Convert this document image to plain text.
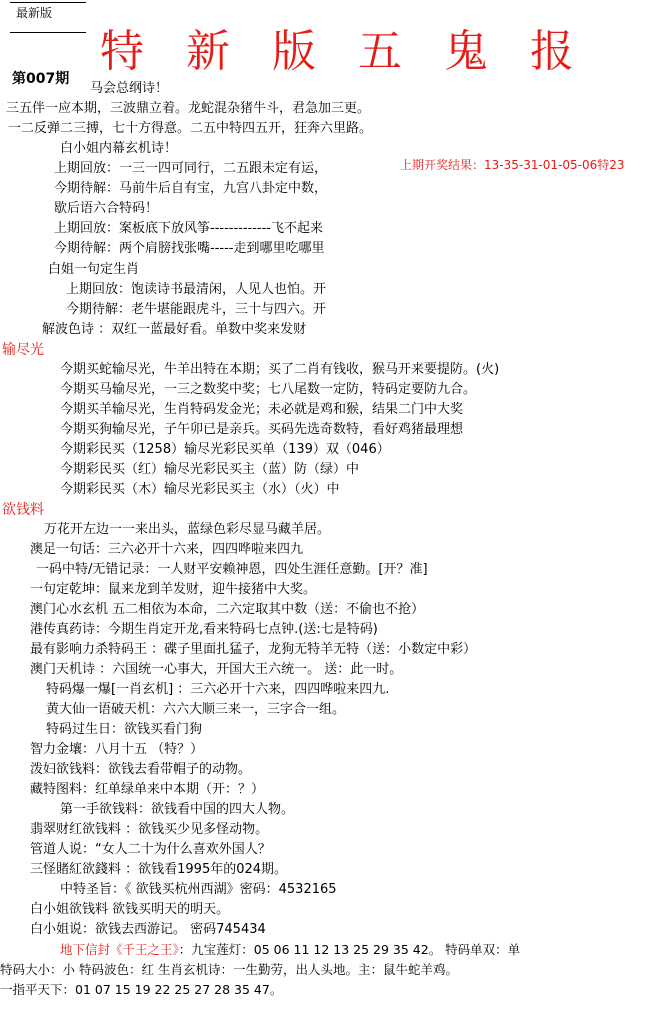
最新版
特 新 版 五 鬼 报
第007期
马会总纲诗！
上期开奖结果：13-35-31-01-05-06特23
三五伴一应本期，三波鼎立着。龙蛇混杂猪牛斗，君急加三更。
一二反弹二三搏，七十方得意。二五中特四五开，狂奔六里路。
白小姐内幕玄机诗！
上期回放：一三一四可同行，二五跟未定有运，
今期待解：马前牛后自有宝，九宫八卦定中数，
歇后语六合特码！
上期回放：案板底下放风筝-------------飞不起来
今期待解：两个肩膀找张嘴-----走到哪里吃哪里
白姐一句定生肖
上期回放：饱读诗书最清闲，人见人也怕。开
今期待解：老牛堪能跟虎斗，三十与四六。开
解波色诗 ：双红一蓝最好看。单数中奖来发财
输尽光
今期买蛇输尽光，牛羊出特在本期；买了二肖有钱收，猴马开来要提防。(火)
今期买马输尽光，一三之数奖中奖；七八尾数一定防，特码定要防九合。
今期买羊输尽光，生肖特码发金光；未必就是鸡和猴，结果二门中大奖
今期买狗输尽光，子午卯已是亲兵。买码先选奇数特，看好鸡猪最理想
今期彩民买（1258）输尽光彩民买单（139）双（046）
今期彩民买（红）输尽光彩民买主（蓝）防（绿）中
今期彩民买（木）输尽光彩民买主（水）（火）中
欲钱料
万花开左边一一来出头，蓝绿色彩尽显马藏羊居。
澳足一句话：三六必开十六来，四四哗啦来四九
一码中特/无错记录：一人财平安赖神恩，四处生涯任意勤。[开？准]
一句定乾坤：鼠来龙到羊发财，迎牛接猪中大奖。
澳门心水玄机 五二相依为本命，二六定取其中数（送：不偷也不抢）
港传真药诗：今期生肖定开龙,看来特码七点钟.(送:七是特码)
最有影响力杀特码王 ：碟子里面扎猛子，龙狗无特羊无特（送：小数定中彩）
澳门天机诗 ：六国统一心事大，开国大王六统一。 送：此一时。
特码爆一爆[一肖玄机] ：三六必开十六来，四四哗啦来四九.
黄大仙一语破天机：六六大顺三来一，三字合一组。
特码过生日：欲钱买看门狗
智力金壤：八月十五 （特？）
泼妇欲钱料：欲钱去看带帽子的动物。
藏特图料：红单绿单来中本期（开：？）
第一手欲钱料：欲钱看中国的四大人物。
翡翠财红欲钱料 ：欲钱买少见多怪动物。
管道人说：“女人二十为什么喜欢外国人？
三怪賭紅欲錢料 ：欲钱看1995年的024期。
中特圣旨：《 欲钱买杭州西湖》密码：4532165
白小姐欲钱料 欲钱买明天的明天。
白小姐说：欲钱去西游记。 密码745434
地下信封《千王之王》：九宝莲灯：05 06 11 12 13 25 29 35 42。 特码单双：单
特码大小：小 特码波色：红 生肖玄机诗：一生勤劳，出人头地。主：鼠牛蛇羊鸡。
一指平天下：01 07 15 19 22 25 27 28 35 47。
